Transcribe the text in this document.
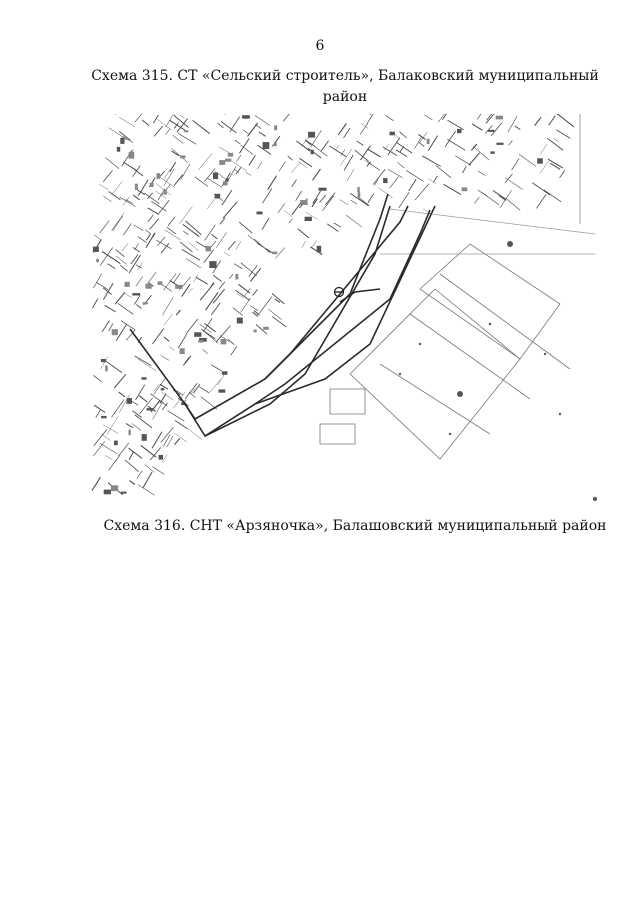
6
Схема 315. СТ «Сельский строитель», Балаковский муниципальный район
Схема 316. СНТ «Арзяночка», Балашовский муниципальный район
